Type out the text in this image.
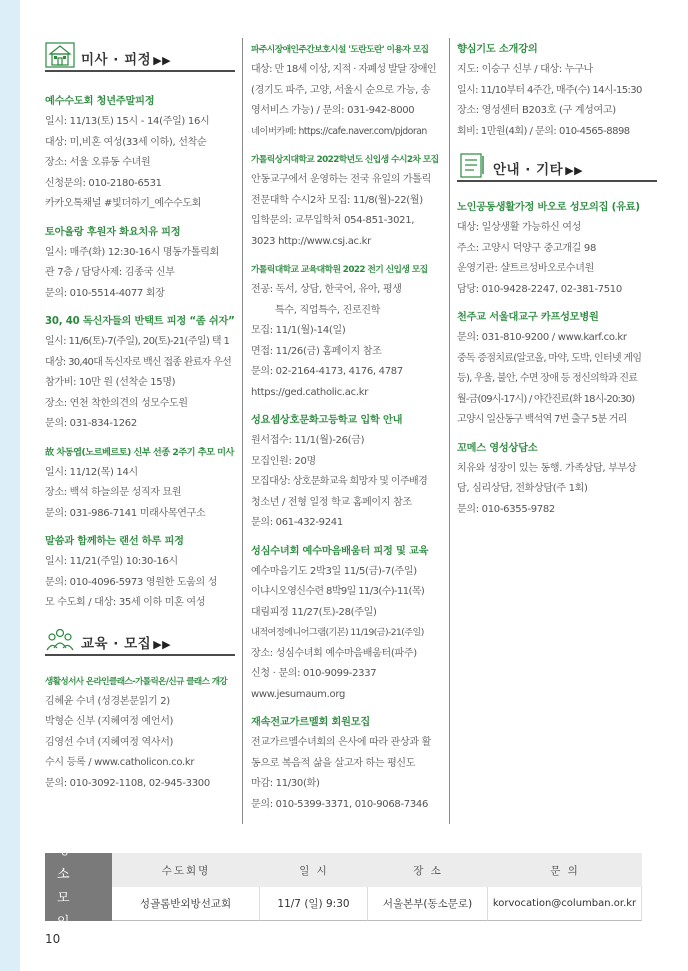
미사 · 피정 ▶▶
예수수도회 청년주말피정
일시: 11/13(토) 15시 - 14(주일) 16시
대상: 미,비혼 여성(33세 이하), 선착순
장소: 서울 오류동 수녀원
신청문의: 010-2180-6531
카카오톡채널 #빛더하기_예수수도회
토아올랑 후원자 화요치유 피정
일시: 매주(화) 12:30-16시 명동가톨릭회
관 7층 / 담당사제: 김종국 신부
문의: 010-5514-4077 회장
30, 40 독신자들의 반택트 피정 “좀 쉬자”
일시: 11/6(토)-7(주일), 20(토)-21(주일) 택 1
대상: 30,40대 독신자로 백신 접종 완료자 우선
참가비: 10만 원 (선착순 15명)
장소: 연천 착한의견의 성모수도원
문의: 031-834-1262
故 차동엽(노르베르토) 신부 선종 2주기 추모 미사
일시: 11/12(목) 14시
장소: 백석 하늘의문 성직자 묘원
문의: 031-986-7141 미래사목연구소
말씀과 함께하는 랜선 하루 피정
일시: 11/21(주일) 10:30-16시
문의: 010-4096-5973 영원한 도움의 성
모 수도회 / 대상: 35세 이하 미혼 여성
교육 · 모집 ▶▶
생활성서사 온라인클래스-가톨릭온/신규 클래스 개강
김혜윤 수녀 (성경본문읽기 2)
박형순 신부 (지혜여정 예언서)
김영선 수녀 (지혜여정 역사서)
수시 등록 / www.catholicon.co.kr
문의: 010-3092-1108, 02-945-3300
파주시장애인주간보호시설 '도란도란' 이용자 모집
대상: 만 18세 이상, 지적 · 자폐성 발달 장애인
(경기도 파주, 고양, 서울시 순으로 가능, 송
영서비스 가능) / 문의: 031-942-8000
네이버카페: https://cafe.naver.com/pjdoran
가톨릭상지대학교 2022학년도 신입생 수시2차 모집
안동교구에서 운영하는 전국 유일의 가톨릭
전문대학 수시2차 모집: 11/8(월)-22(월)
입학문의: 교무입학처 054-851-3021,
3023 http://www.csj.ac.kr
가톨릭대학교 교육대학원 2022 전기 신입생 모집
전공: 독서, 상담, 한국어, 유아, 평생
특수, 직업특수, 진로진학
모집: 11/1(월)-14(일)
면접: 11/26(금) 홈페이지 참조
문의: 02-2164-4173, 4176, 4787
https://ged.catholic.ac.kr
성요셉상호문화고등학교 입학 안내
원서접수: 11/1(월)-26(금)
모집인원: 20명
모집대상: 상호문화교육 희망자 및 이주배경
청소년 / 전형 일정 학교 홈페이지 참조
문의: 061-432-9241
성심수녀회 예수마음배움터 피정 및 교육
예수마음기도 2박3일 11/5(금)-7(주일)
이냐시오영신수련 8박9일 11/3(수)-11(목)
대림피정 11/27(토)-28(주일)
내적여정에니어그램(기본) 11/19(금)-21(주일)
장소: 성심수녀회 예수마음배움터(파주)
신청 · 문의: 010-9099-2337
www.jesumaum.org
재속전교가르멜회 회원모집
전교가르멜수녀회의 은사에 따라 관상과 활
동으로 복음적 삶을 살고자 하는 평신도
마감: 11/30(화)
문의: 010-5399-3371, 010-9068-7346
향심기도 소개강의
지도: 이승구 신부 / 대상: 누구나
일시: 11/10부터 4주간, 매주(수) 14시-15:30
장소: 영성센터 B203호 (구 계성여고)
회비: 1만원(4회) / 문의: 010-4565-8898
안내 · 기타 ▶▶
노인공동생활가정 바오로 성모의집 (유료)
대상: 일상생활 가능하신 여성
주소: 고양시 덕양구 중고개길 98
운영기관: 샬트르성바오로수녀원
담당: 010-9428-2247, 02-381-7510
천주교 서울대교구 카프성모병원
문의: 031-810-9200 / www.karf.co.kr
중독 증점치료(알코올, 마약, 도박, 인터넷 게임
등), 우울, 불안, 수면 장애 등 정신의학과 진료
월-금(09시-17시) / 야간진료(화 18시-20:30)
고양시 일산동구 백석역 7번 출구 5분 거리
꼬메스 영성상담소
치유와 성장이 있는 동행. 가족상담, 부부상
담, 심리상담, 전화상담(주 1회)
문의: 010-6355-9782
성 소 모 임
수도회명	일 시	장 소	문 의
성골롬반외방선교회	11/7 (일) 9:30	서울본부(동소문로)	korvocation@columban.or.kr
10
